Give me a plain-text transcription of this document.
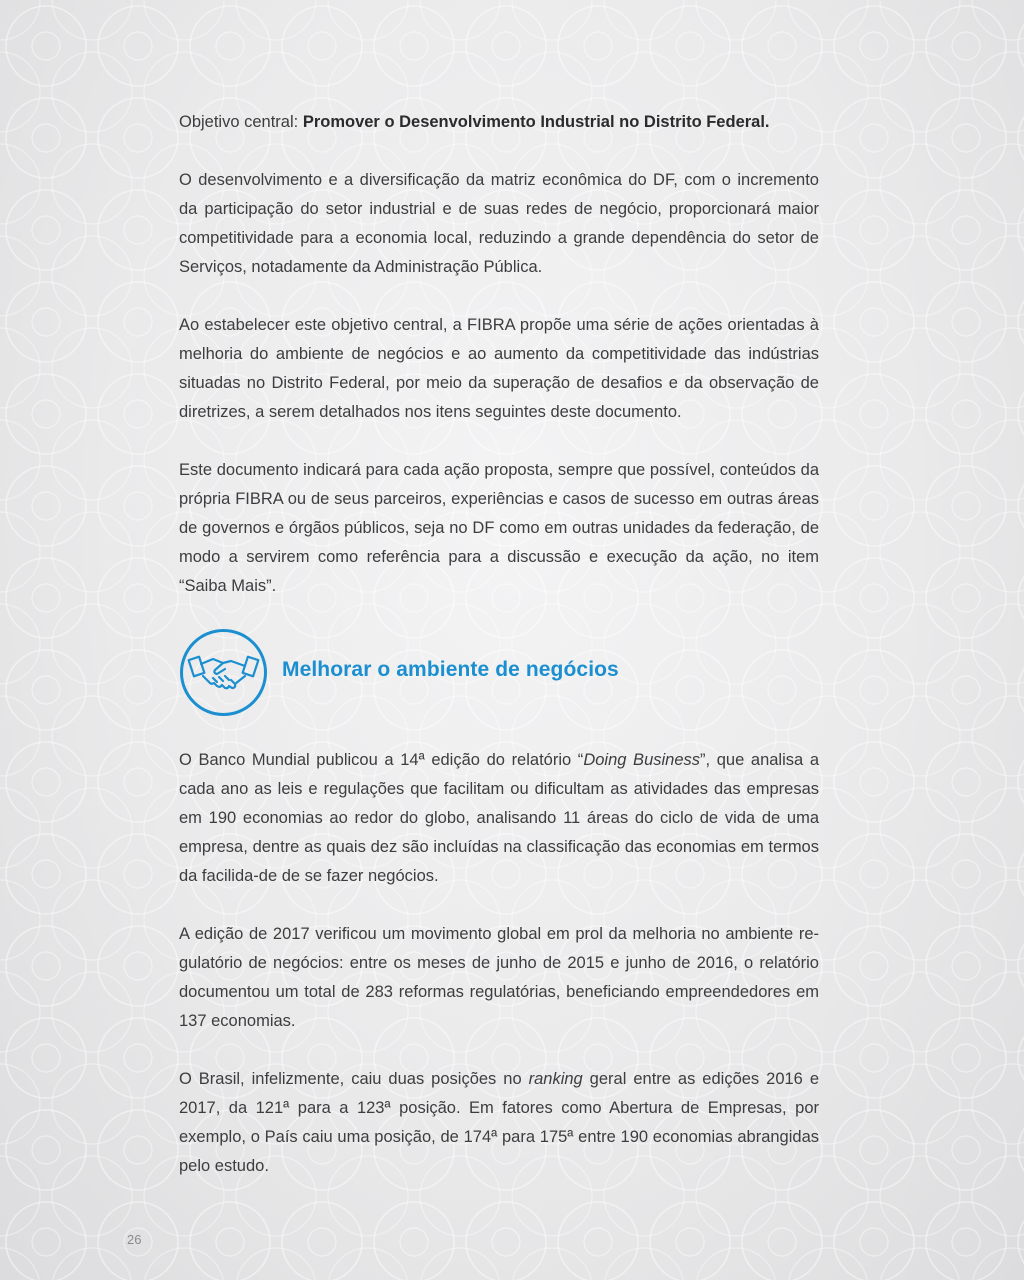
Objetivo central: Promover o Desenvolvimento Industrial no Distrito Federal.

O desenvolvimento e a diversificação da matriz econômica do DF, com o incremento da participação do setor industrial e de suas redes de negócio, proporcionará maior competitividade para a economia local, reduzindo a grande dependência do setor de Serviços, notadamente da Administração Pública.

Ao estabelecer este objetivo central, a FIBRA propõe uma série de ações orientadas à melhoria do ambiente de negócios e ao aumento da competitividade das indústrias situadas no Distrito Federal, por meio da superação de desafios e da observação de diretrizes, a serem detalhados nos itens seguintes deste documento.

Este documento indicará para cada ação proposta, sempre que possível, conteúdos da própria FIBRA ou de seus parceiros, experiências e casos de sucesso em outras áreas de governos e órgãos públicos, seja no DF como em outras unidades da federação, de modo a servirem como referência para a discussão e execução da ação, no item “Saiba Mais”.

Melhorar o ambiente de negócios

O Banco Mundial publicou a 14ª edição do relatório “Doing Business”, que analisa a cada ano as leis e regulações que facilitam ou dificultam as atividades das empresas em 190 economias ao redor do globo, analisando 11 áreas do ciclo de vida de uma empresa, dentre as quais dez são incluídas na classificação das economias em termos da facilida-de de se fazer negócios.

A edição de 2017 verificou um movimento global em prol da melhoria no ambiente re-gulatório de negócios: entre os meses de junho de 2015 e junho de 2016, o relatório documentou um total de 283 reformas regulatórias, beneficiando empreendedores em 137 economias.

O Brasil, infelizmente, caiu duas posições no ranking geral entre as edições 2016 e 2017, da 121ª para a 123ª posição. Em fatores como Abertura de Empresas, por exemplo, o País caiu uma posição, de 174ª para 175ª entre 190 economias abrangidas pelo estudo.

26
